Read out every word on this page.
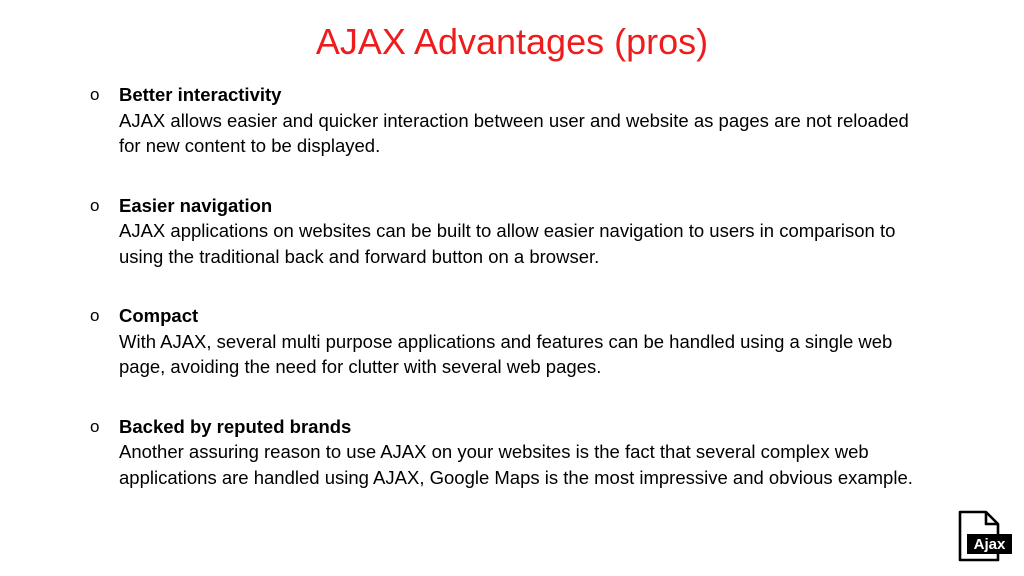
AJAX Advantages (pros)
o Better interactivity
AJAX allows easier and quicker interaction between user and website as pages are not reloaded for new content to be displayed.
o Easier navigation
AJAX applications on websites can be built to allow easier navigation to users in comparison to using the traditional back and forward button on a browser.
o Compact
With AJAX, several multi purpose applications and features can be handled using a single web page, avoiding the need for clutter with several web pages.
o Backed by reputed brands
Another assuring reason to use AJAX on your websites is the fact that several complex web applications are handled using AJAX, Google Maps is the most impressive and obvious example.
Ajax
